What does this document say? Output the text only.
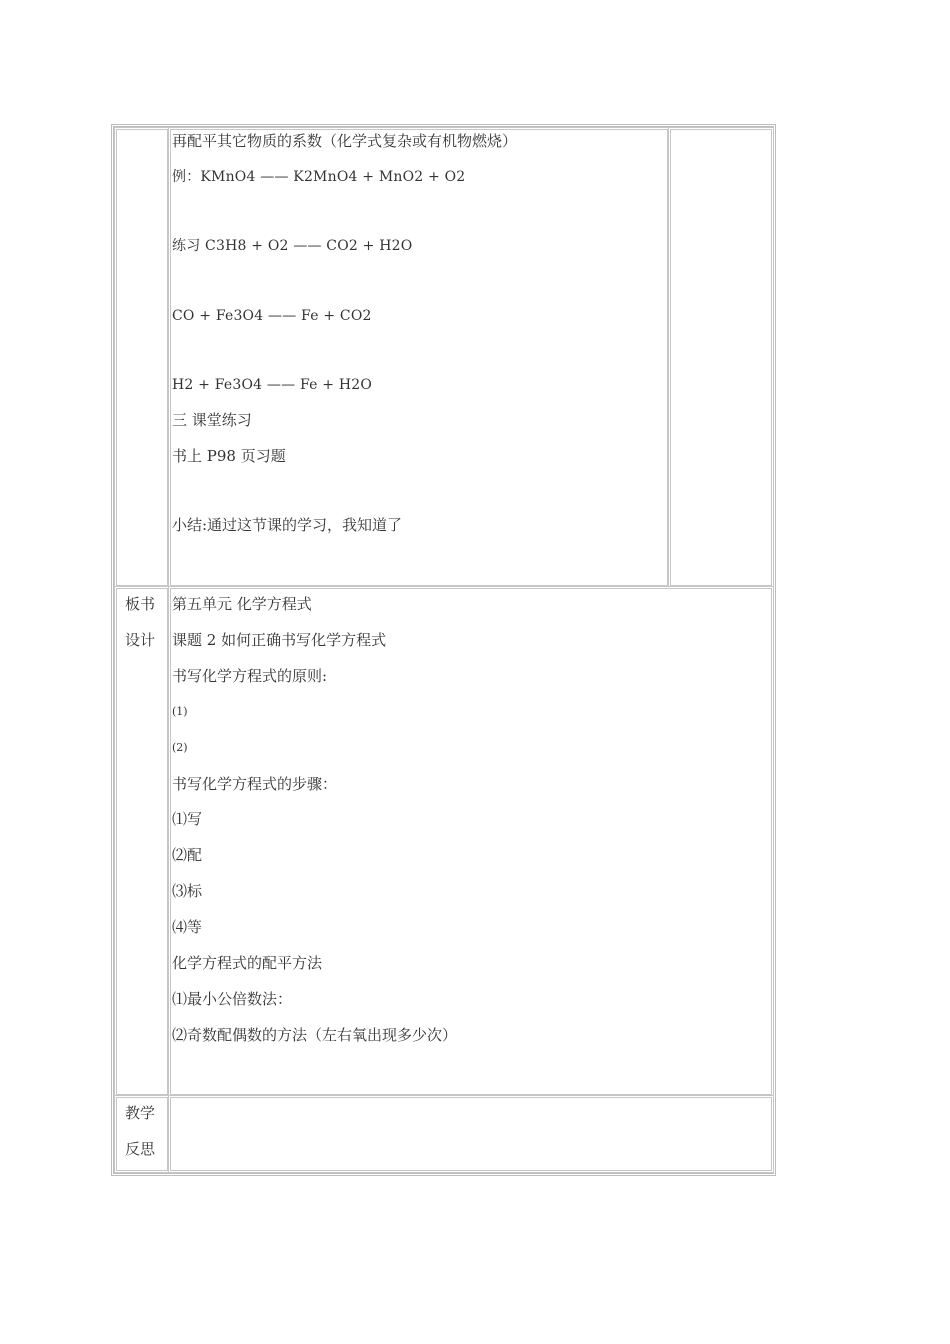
再配平其它物质的系数（化学式复杂或有机物燃烧）
例：KMnO4 —— K2MnO4 + MnO2 + O2
练习 C3H8 + O2 —— CO2 + H2O
CO + Fe3O4 —— Fe + CO2
H2 + Fe3O4 —— Fe + H2O
三 课堂练习
书上 P98 页习题
小结:通过这节课的学习，我知道了
板书
设计
第五单元 化学方程式
课题 2 如何正确书写化学方程式
书写化学方程式的原则:
(1)
(2)
书写化学方程式的步骤：
⑴写
⑵配
⑶标
⑷等
化学方程式的配平方法
⑴最小公倍数法：
⑵奇数配偶数的方法（左右氧出现多少次）
教学
反思
